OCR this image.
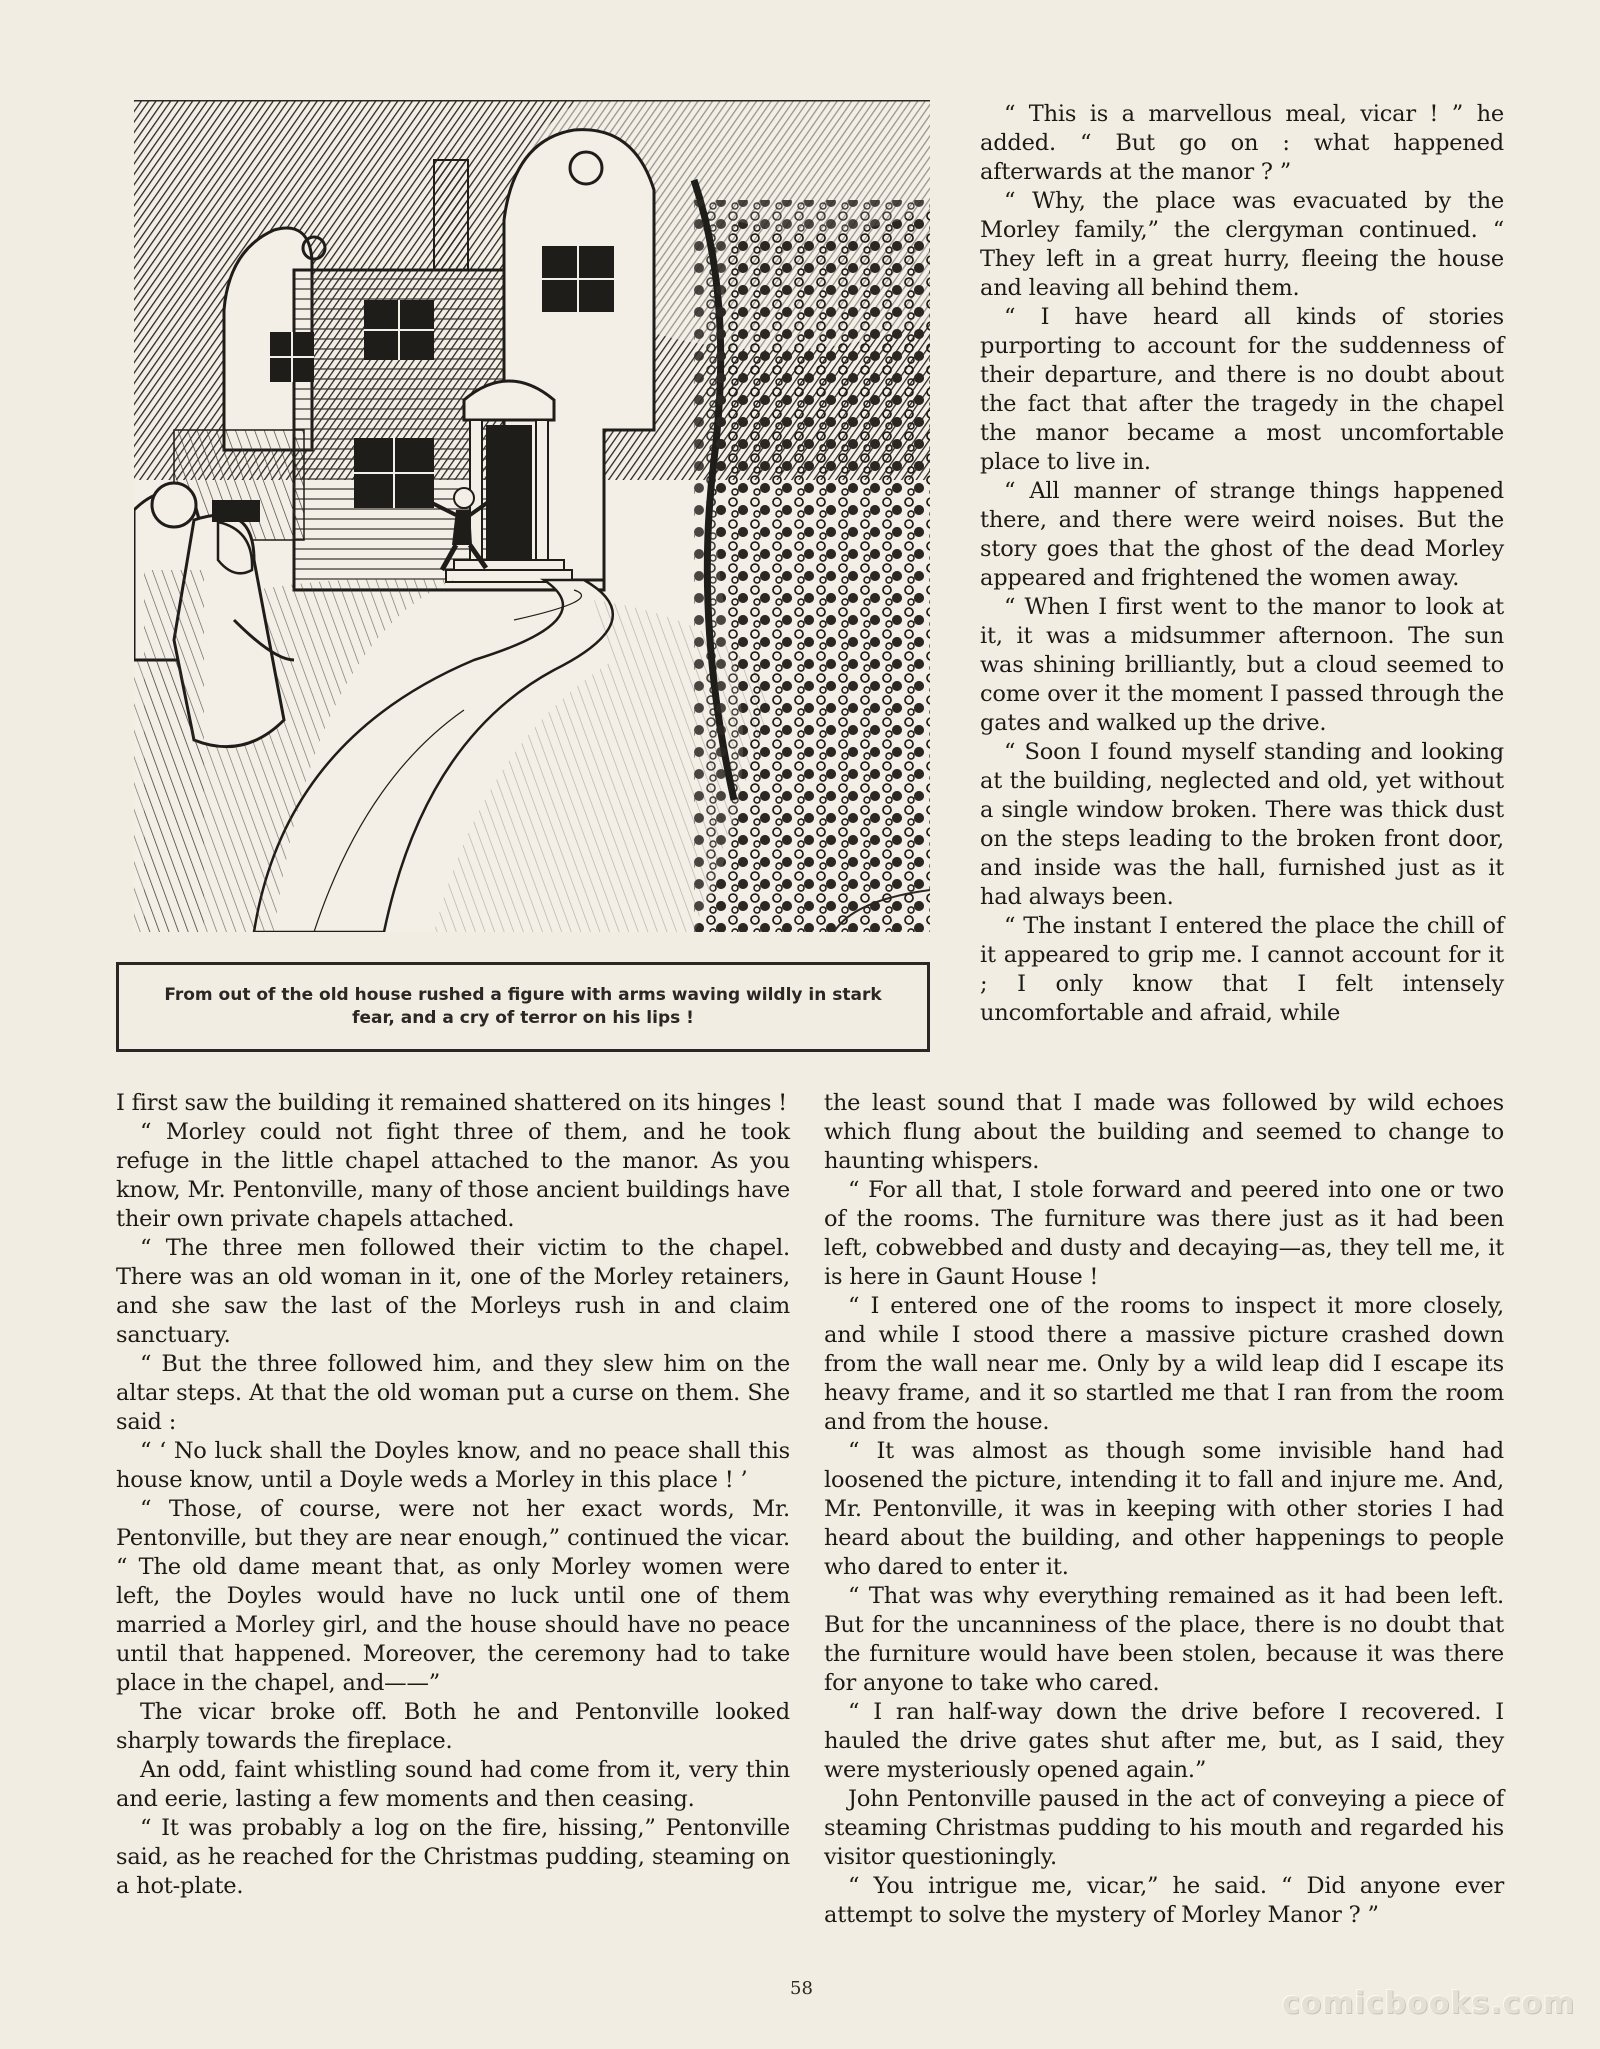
From out of the old house rushed a figure with arms waving wildly in stark fear, and a cry of terror on his lips !

“ This is a marvellous meal, vicar ! ” he added. “ But go on : what happened afterwards at the manor ? ”

“ Why, the place was evacuated by the Morley family,” the clergyman continued. “ They left in a great hurry, fleeing the house and leaving all behind them.

“ I have heard all kinds of stories purporting to account for the suddenness of their departure, and there is no doubt about the fact that after the tragedy in the chapel the manor became a most uncomfortable place to live in.

“ All manner of strange things happened there, and there were weird noises. But the story goes that the ghost of the dead Morley appeared and frightened the women away.

“ When I first went to the manor to look at it, it was a midsummer afternoon. The sun was shining brilliantly, but a cloud seemed to come over it the moment I passed through the gates and walked up the drive.

“ Soon I found myself standing and looking at the building, neglected and old, yet without a single window broken. There was thick dust on the steps leading to the broken front door, and inside was the hall, furnished just as it had always been.

“ The instant I entered the place the chill of it appeared to grip me. I cannot account for it ; I only know that I felt intensely uncomfortable and afraid, while

I first saw the building it remained shattered on its hinges !

“ Morley could not fight three of them, and he took refuge in the little chapel attached to the manor. As you know, Mr. Pentonville, many of those ancient buildings have their own private chapels attached.

“ The three men followed their victim to the chapel. There was an old woman in it, one of the Morley retainers, and she saw the last of the Morleys rush in and claim sanctuary.

“ But the three followed him, and they slew him on the altar steps. At that the old woman put a curse on them. She said :

“ ‘ No luck shall the Doyles know, and no peace shall this house know, until a Doyle weds a Morley in this place ! ’

“ Those, of course, were not her exact words, Mr. Pentonville, but they are near enough,” continued the vicar. “ The old dame meant that, as only Morley women were left, the Doyles would have no luck until one of them married a Morley girl, and the house should have no peace until that happened. Moreover, the ceremony had to take place in the chapel, and——”

The vicar broke off. Both he and Pentonville looked sharply towards the fireplace.

An odd, faint whistling sound had come from it, very thin and eerie, lasting a few moments and then ceasing.

“ It was probably a log on the fire, hissing,” Pentonville said, as he reached for the Christmas pudding, steaming on a hot-plate.

the least sound that I made was followed by wild echoes which flung about the building and seemed to change to haunting whispers.

“ For all that, I stole forward and peered into one or two of the rooms. The furniture was there just as it had been left, cobwebbed and dusty and decaying—as, they tell me, it is here in Gaunt House !

“ I entered one of the rooms to inspect it more closely, and while I stood there a massive picture crashed down from the wall near me. Only by a wild leap did I escape its heavy frame, and it so startled me that I ran from the room and from the house.

“ It was almost as though some invisible hand had loosened the picture, intending it to fall and injure me. And, Mr. Pentonville, it was in keeping with other stories I had heard about the building, and other happenings to people who dared to enter it.

“ That was why everything remained as it had been left. But for the uncanniness of the place, there is no doubt that the furniture would have been stolen, because it was there for anyone to take who cared.

“ I ran half-way down the drive before I recovered. I hauled the drive gates shut after me, but, as I said, they were mysteriously opened again.”

John Pentonville paused in the act of conveying a piece of steaming Christmas pudding to his mouth and regarded his visitor questioningly.

“ You intrigue me, vicar,” he said. “ Did anyone ever attempt to solve the mystery of Morley Manor ? ”

58	comicbooks.com
